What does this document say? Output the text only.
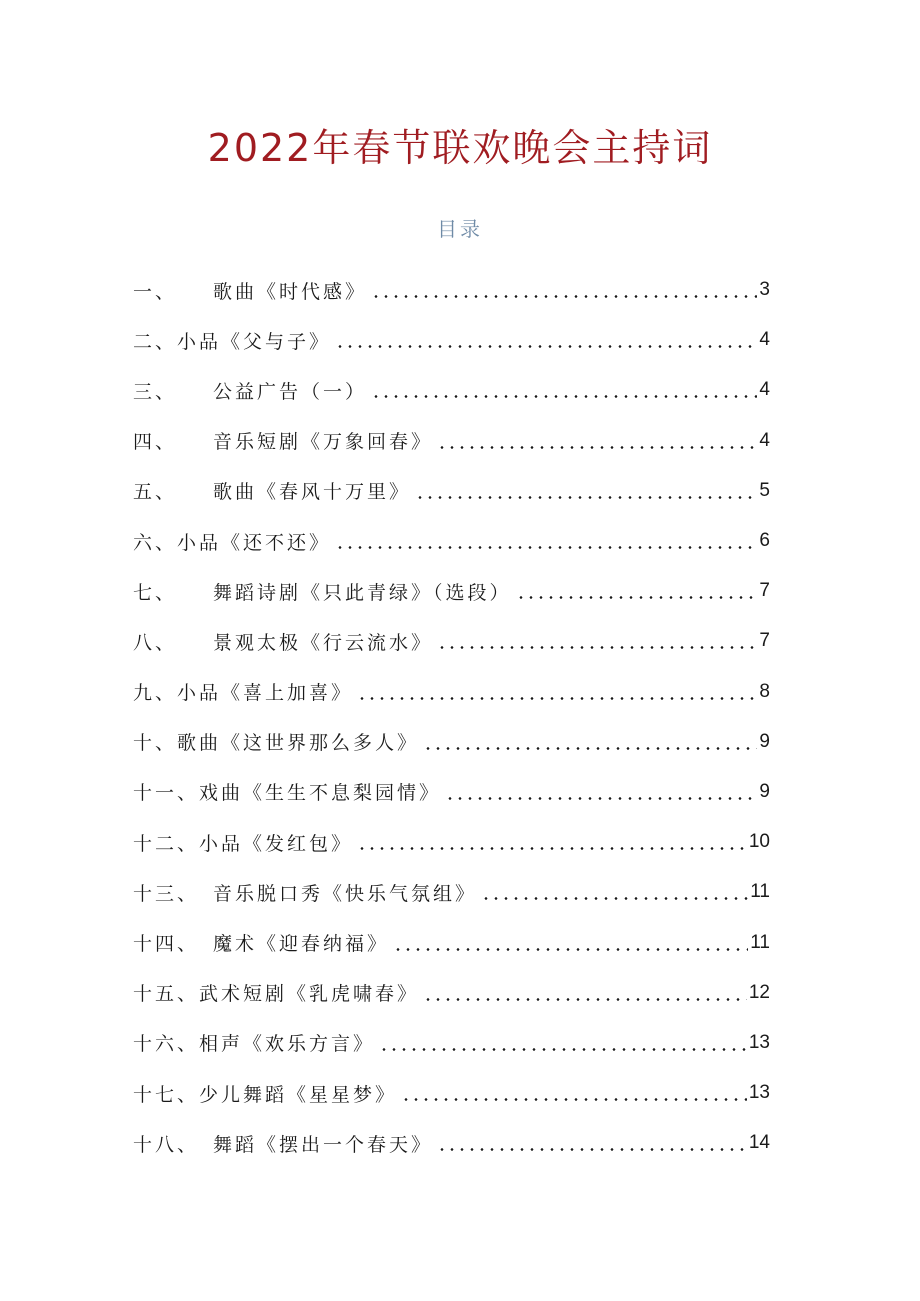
2022年春节联欢晚会主持词
目录
一、	歌曲《时代感》	3
二、 小品《父与子》	4
三、	公益广告（一）	4
四、	音乐短剧《万象回春》	4
五、	歌曲《春风十万里》	5
六、 小品《还不还》	6
七、	舞蹈诗剧《只此青绿》（选段）	7
八、	景观太极《行云流水》	7
九、 小品《喜上加喜》	8
十、 歌曲《这世界那么多人》	9
十一、 戏曲《生生不息梨园情》	9
十二、 小品《发红包》	10
十三、 音乐脱口秀《快乐气氛组》	11
十四、 魔术《迎春纳福》	11
十五、 武术短剧《乳虎啸春》	12
十六、 相声《欢乐方言》	13
十七、 少儿舞蹈《星星梦》	13
十八、 舞蹈《摆出一个春天》	14
